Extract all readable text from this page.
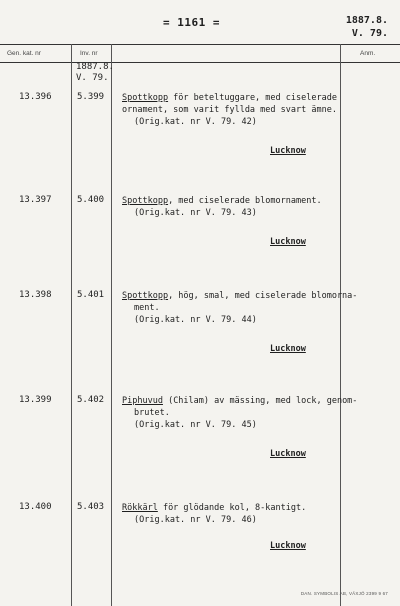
= 1161 =	1887.8.
V. 79.
Gen. kat. nr	Inv. nr	Anm.
1887.8.
V. 79.
13.396	5.399 Spottkopp för beteltuggare, med ciselerade
ornament, som varit fyllda med svart ämne.
(Orig.kat. nr V. 79. 42)
Lucknow
13.397	5.400 Spottkopp, med ciselerade blomornament.
(Orig.kat. nr V. 79. 43)
Lucknow
13.398	5.401 Spottkopp, hög, smal, med ciselerade blomorna-
ment.
(Orig.kat. nr V. 79. 44)
Lucknow
13.399	5.402 Piphuvud (Chilam) av mässing, med lock, genom-
brutet.
(Orig.kat. nr V. 79. 45)
Lucknow
13.400	5.403 Rökkärl för glödande kol, 8-kantigt.
(Orig.kat. nr V. 79. 46)
Lucknow
DAN. SYMBOLIS AB, VÄXJÖ 2399 9 67
